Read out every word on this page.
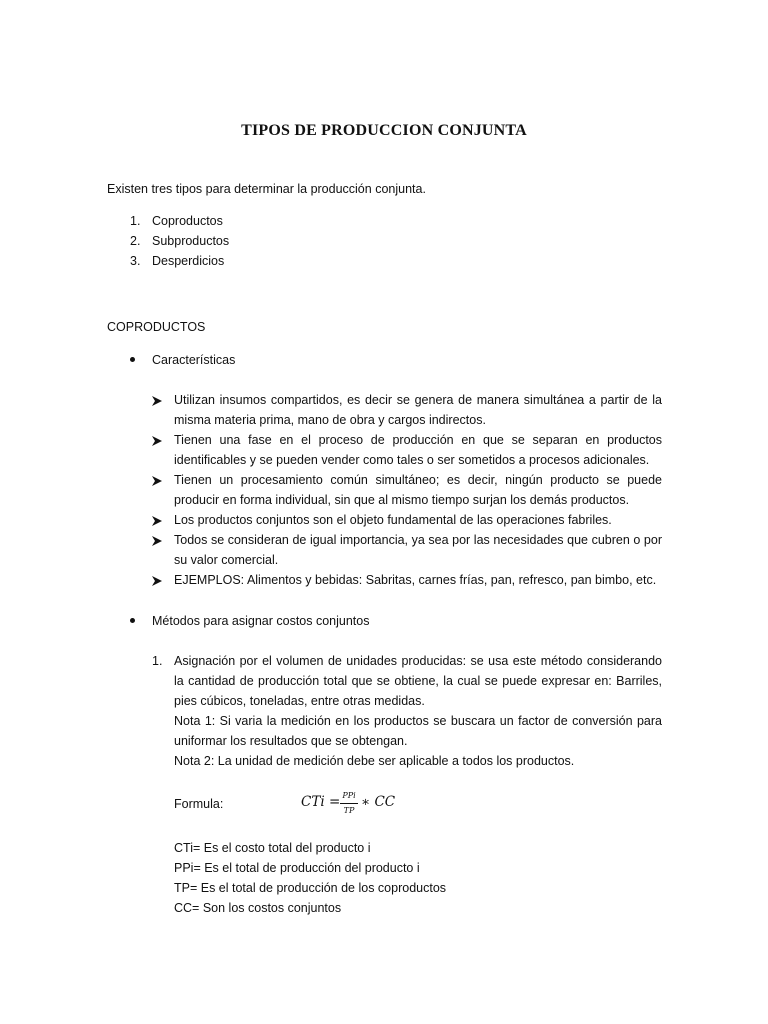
TIPOS DE PRODUCCION CONJUNTA
Existen tres tipos para determinar la producción conjunta.
1. Coproductos
2. Subproductos
3. Desperdicios
COPRODUCTOS
Características
Utilizan insumos compartidos, es decir se genera de manera simultánea a partir de la misma materia prima, mano de obra y cargos indirectos.
Tienen una fase en el proceso de producción en que se separan en productos identificables y se pueden vender como tales o ser sometidos a procesos adicionales.
Tienen un procesamiento común simultáneo; es decir, ningún producto se puede producir en forma individual, sin que al mismo tiempo surjan los demás productos.
Los productos conjuntos son el objeto fundamental de las operaciones fabriles.
Todos se consideran de igual importancia, ya sea por las necesidades que cubren o por su valor comercial.
EJEMPLOS: Alimentos y bebidas: Sabritas, carnes frías, pan, refresco, pan bimbo, etc.
Métodos para asignar costos conjuntos
1. Asignación por el volumen de unidades producidas: se usa este método considerando la cantidad de producción total que se obtiene, la cual se puede expresar en: Barriles, pies cúbicos, toneladas, entre otras medidas.
Nota 1: Si varia la medición en los productos se buscara un factor de conversión para uniformar los resultados que se obtengan.
Nota 2: La unidad de medición debe ser aplicable a todos los productos.
Formula:	CTi = PPi
TP
∗ CC
CTi= Es el costo total del producto i
PPi= Es el total de producción del producto i
TP= Es el total de producción de los coproductos
CC= Son los costos conjuntos
